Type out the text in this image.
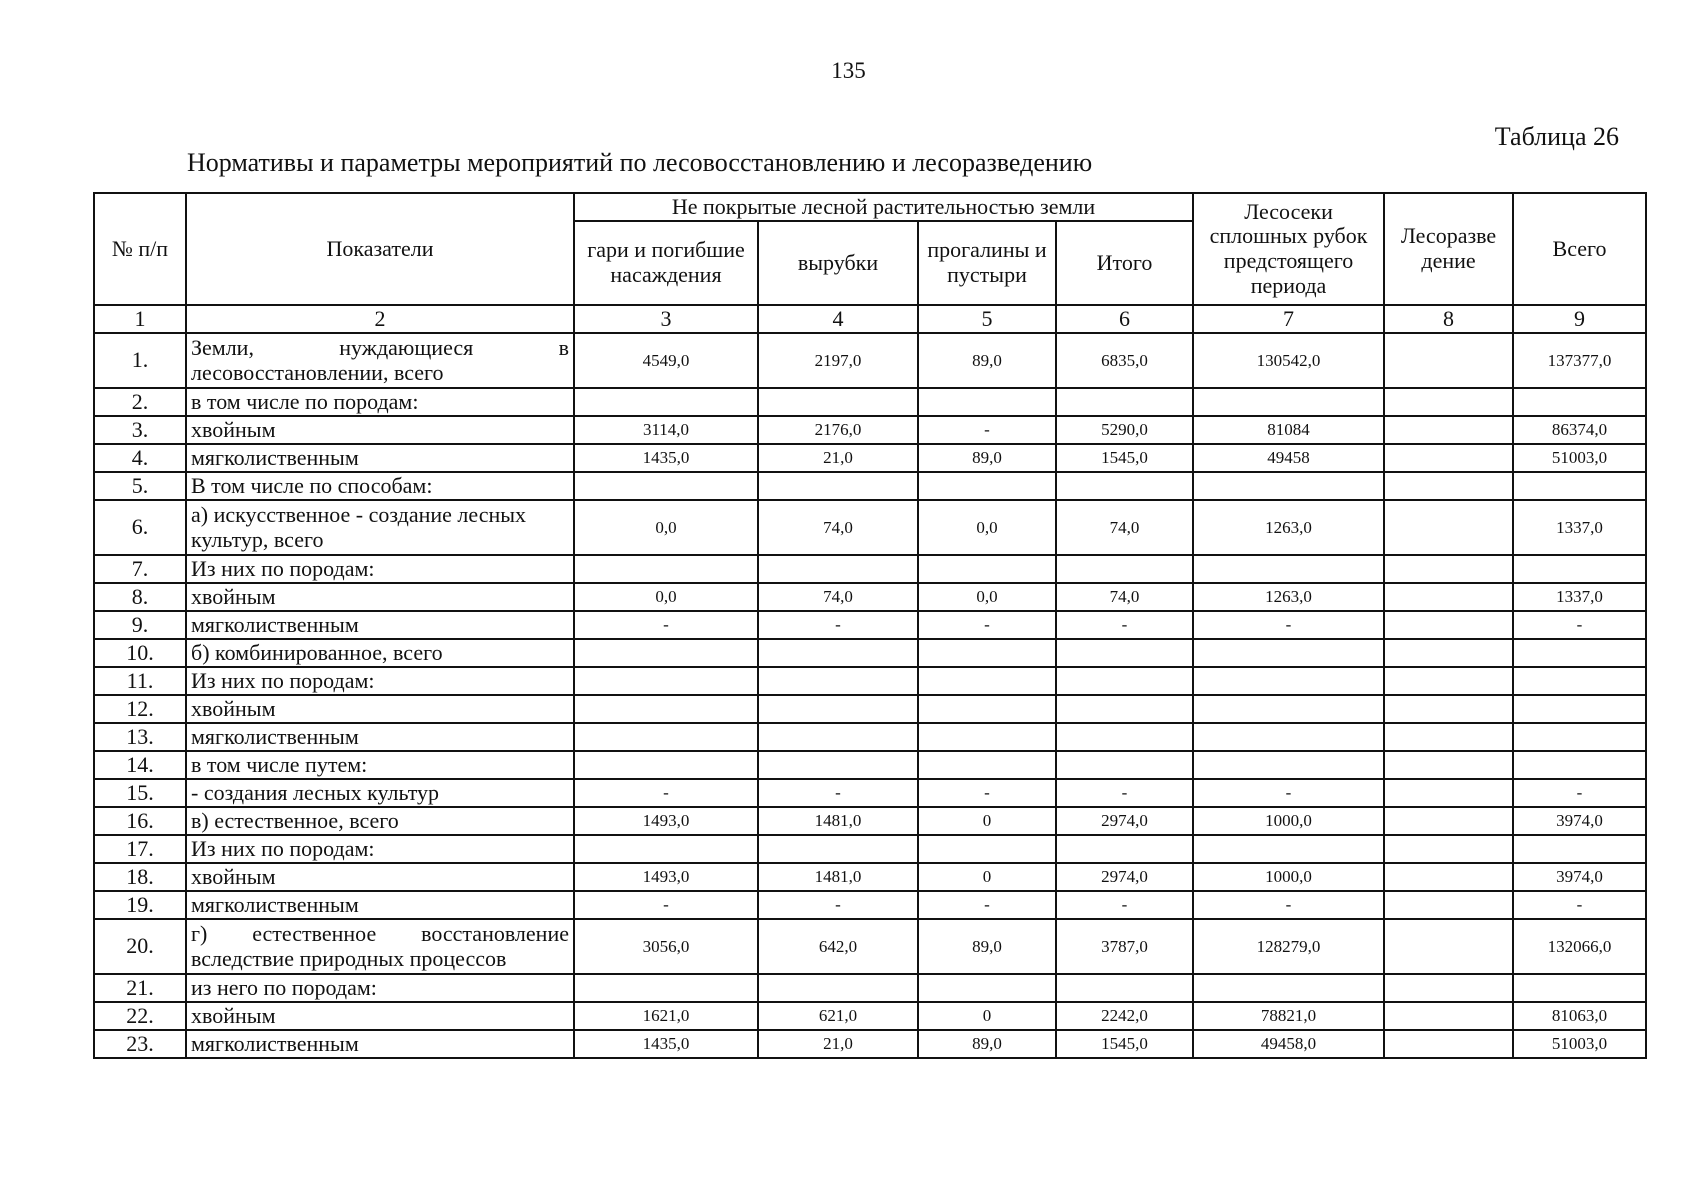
135
Таблица 26
Нормативы и параметры мероприятий по лесовосстановлению и лесоразведению
№ п/п	Показатели	Не покрытые лесной растительностью земли				Лесосеки сплошных рубок предстоящего периода	Лесоразве дение	Всего
		гари и погибшие насаждения	вырубки	прогалины и пустыри	Итого			
1	2	3	4	5	6	7	8	9
1.	Земли, нуждающиеся в лесовосстановлении, всего	4549,0	2197,0	89,0	6835,0	130542,0		137377,0
2.	в том числе по породам:							
3.	хвойным	3114,0	2176,0	-	5290,0	81084		86374,0
4.	мягколиственным	1435,0	21,0	89,0	1545,0	49458		51003,0
5.	В том числе по способам:							
6.	а) искусственное - создание лесных культур, всего	0,0	74,0	0,0	74,0	1263,0		1337,0
7.	Из них по породам:							
8.	хвойным	0,0	74,0	0,0	74,0	1263,0		1337,0
9.	мягколиственным	-	-	-	-	-		-
10.	б) комбинированное, всего							
11.	Из них по породам:							
12.	хвойным							
13.	мягколиственным							
14.	в том числе путем:							
15.	- создания лесных культур	-	-	-	-	-		-
16.	в) естественное, всего	1493,0	1481,0	0	2974,0	1000,0		3974,0
17.	Из них по породам:							
18.	хвойным	1493,0	1481,0	0	2974,0	1000,0		3974,0
19.	мягколиственным	-	-	-	-	-		-
20.	г) естественное восстановление вследствие природных процессов	3056,0	642,0	89,0	3787,0	128279,0		132066,0
21.	из него по породам:							
22.	хвойным	1621,0	621,0	0	2242,0	78821,0		81063,0
23.	мягколиственным	1435,0	21,0	89,0	1545,0	49458,0		51003,0
